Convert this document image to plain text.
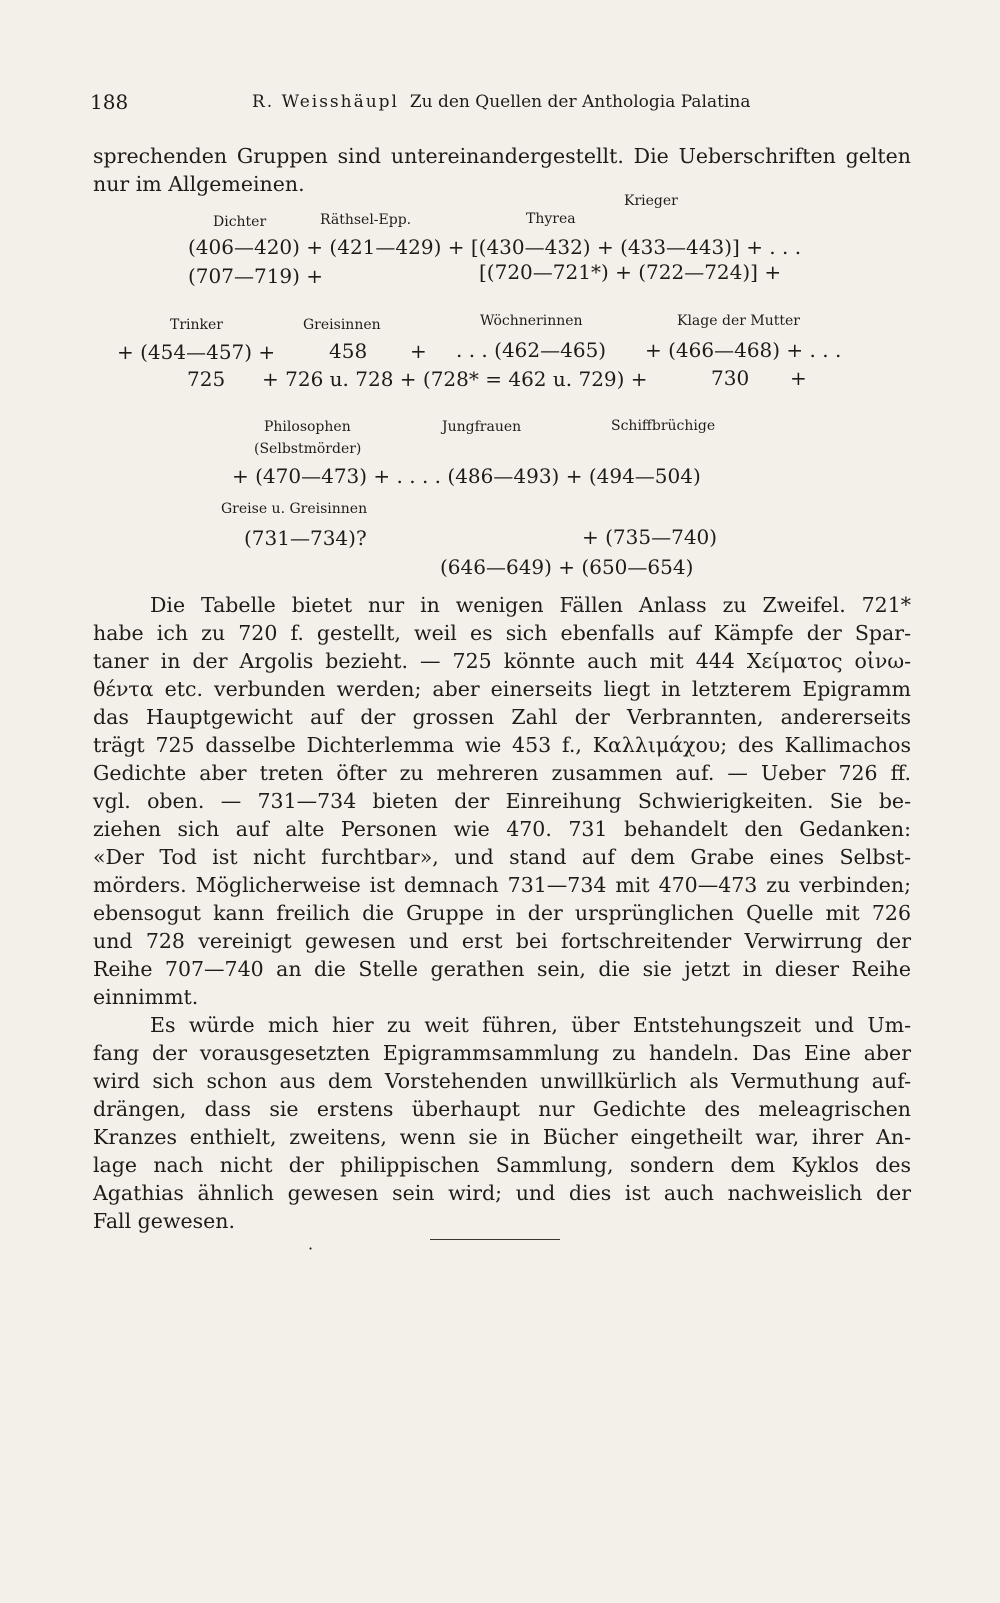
188	R. Weisshäupl Zu den Quellen der Anthologia Palatina
sprechenden Gruppen sind untereinandergestellt. Die Ueberschriften gelten
nur im Allgemeinen.
Dichter	Räthsel-Epp.	Thyrea
Krieger
(406—420) + (421—429) + [(430—432) + (433—443)] + . . .
(707—719) +	[(720—721*) + (722—724)] +
Trinker	Greisinnen	Wöchnerinnen	Klage der Mutter
+ (454—457) +	458 + . . . (462—465) + (466—468) + . . .
725 + 726 u. 728 + (728* = 462 u. 729) +	730 +
Philosophen
(Selbstmörder)
Jungfrauen	Schiffbrüchige
+ (470—473) + . . . . (486—493) + (494—504)
Greise u. Greisinnen
(731—734)?	+ (735—740)
(646—649) + (650—654)
Die Tabelle bietet nur in wenigen Fällen Anlass zu Zweifel. 721*
habe ich zu 720 f. gestellt, weil es sich ebenfalls auf Kämpfe der Spar-
taner in der Argolis bezieht. — 725 könnte auch mit 444 Χείματος οἰνω-
θέντα etc. verbunden werden; aber einerseits liegt in letzterem Epigramm
das Hauptgewicht auf der grossen Zahl der Verbrannten, andererseits
trägt 725 dasselbe Dichterlemma wie 453 f., Καλλιμάχου; des Kallimachos
Gedichte aber treten öfter zu mehreren zusammen auf. — Ueber 726 ff.
vgl. oben. — 731—734 bieten der Einreihung Schwierigkeiten. Sie be-
ziehen sich auf alte Personen wie 470. 731 behandelt den Gedanken:
«Der Tod ist nicht furchtbar», und stand auf dem Grabe eines Selbst-
mörders. Möglicherweise ist demnach 731—734 mit 470—473 zu verbinden;
ebensogut kann freilich die Gruppe in der ursprünglichen Quelle mit 726
und 728 vereinigt gewesen und erst bei fortschreitender Verwirrung der
Reihe 707—740 an die Stelle gerathen sein, die sie jetzt in dieser Reihe
einnimmt.
Es würde mich hier zu weit führen, über Entstehungszeit und Um-
fang der vorausgesetzten Epigrammsammlung zu handeln. Das Eine aber
wird sich schon aus dem Vorstehenden unwillkürlich als Vermuthung auf-
drängen, dass sie erstens überhaupt nur Gedichte des meleagrischen
Kranzes enthielt, zweitens, wenn sie in Bücher eingetheilt war, ihrer An-
lage nach nicht der philippischen Sammlung, sondern dem Kyklos des
Agathias ähnlich gewesen sein wird; und dies ist auch nachweislich der
Fall gewesen.
·
